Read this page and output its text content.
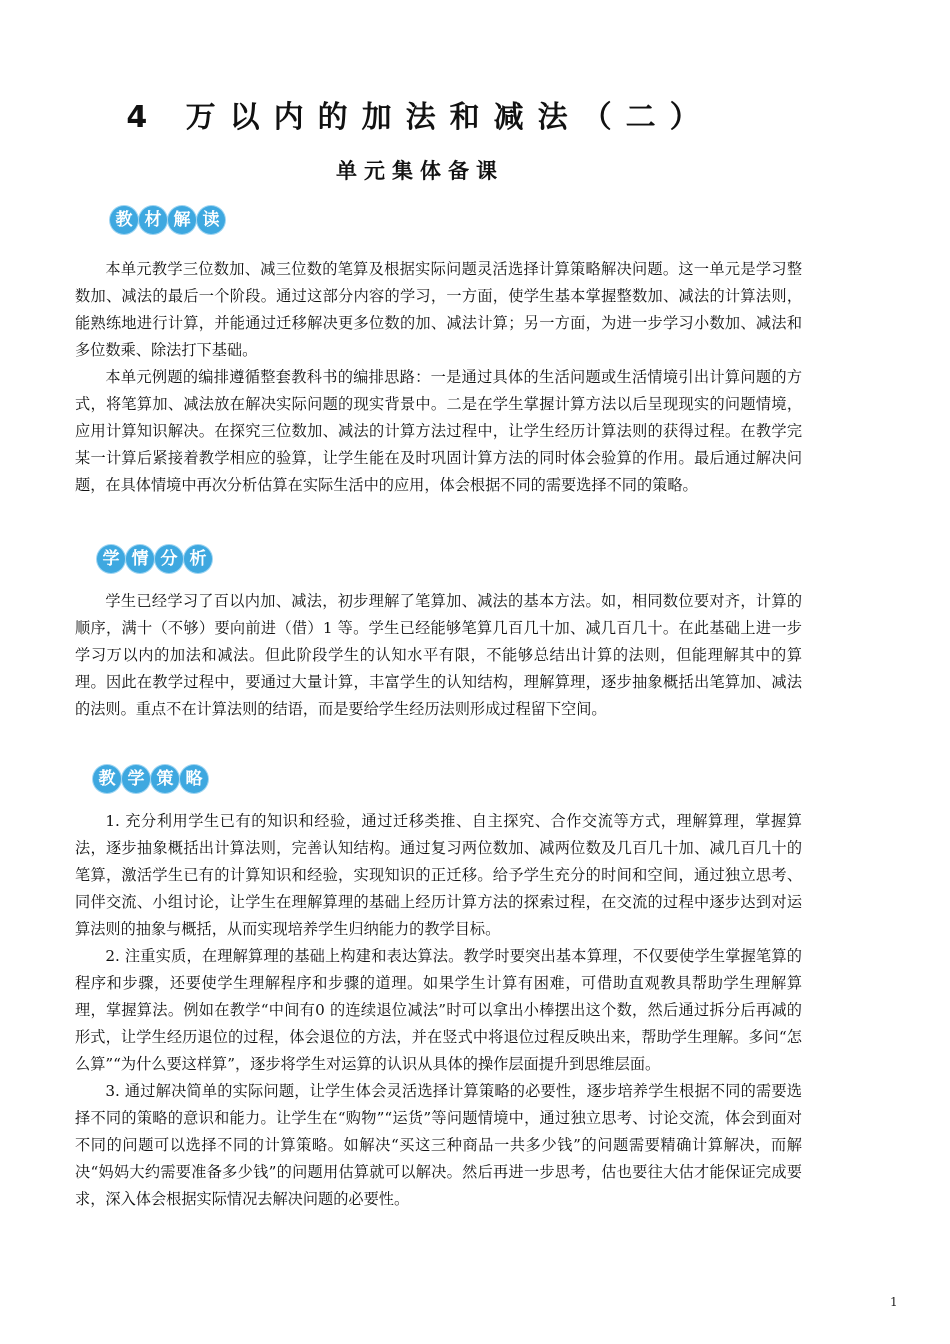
4 万以内的加法和减法（二）
单元集体备课
教 材 解 读

本单元教学三位数加、减三位数的笔算及根据实际问题灵活选择计算策略解决问题。这一单元是学习整数加、减法的最后一个阶段。通过这部分内容的学习，一方面，使学生基本掌握整数加、减法的计算法则，能熟练地进行计算，并能通过迁移解决更多位数的加、减法计算；另一方面，为进一步学习小数加、减法和多位数乘、除法打下基础。

本单元例题的编排遵循整套教科书的编排思路：一是通过具体的生活问题或生活情境引出计算问题的方式，将笔算加、减法放在解决实际问题的现实背景中。二是在学生掌握计算方法以后呈现现实的问题情境，应用计算知识解决。在探究三位数加、减法的计算方法过程中，让学生经历计算法则的获得过程。在教学完某一计算后紧接着教学相应的验算，让学生能在及时巩固计算方法的同时体会验算的作用。最后通过解决问题，在具体情境中再次分析估算在实际生活中的应用，体会根据不同的需要选择不同的策略。

学 情 分 析

学生已经学习了百以内加、减法，初步理解了笔算加、减法的基本方法。如，相同数位要对齐，计算的顺序，满十（不够）要向前进（借）1 等。学生已经能够笔算几百几十加、减几百几十。在此基础上进一步学习万以内的加法和减法。但此阶段学生的认知水平有限，不能够总结出计算的法则，但能理解其中的算理。因此在教学过程中，要通过大量计算，丰富学生的认知结构，理解算理，逐步抽象概括出笔算加、减法的法则。重点不在计算法则的结语，而是要给学生经历法则形成过程留下空间。

教 学 策 略

1. 充分利用学生已有的知识和经验，通过迁移类推、自主探究、合作交流等方式，理解算理，掌握算法，逐步抽象概括出计算法则，完善认知结构。通过复习两位数加、减两位数及几百几十加、减几百几十的笔算，激活学生已有的计算知识和经验，实现知识的正迁移。给予学生充分的时间和空间，通过独立思考、同伴交流、小组讨论，让学生在理解算理的基础上经历计算方法的探索过程，在交流的过程中逐步达到对运算法则的抽象与概括，从而实现培养学生归纳能力的教学目标。

2. 注重实质，在理解算理的基础上构建和表达算法。教学时要突出基本算理，不仅要使学生掌握笔算的程序和步骤，还要使学生理解程序和步骤的道理。如果学生计算有困难，可借助直观教具帮助学生理解算理，掌握算法。例如在教学“中间有0 的连续退位减法”时可以拿出小棒摆出这个数，然后通过拆分后再减的形式，让学生经历退位的过程，体会退位的方法，并在竖式中将退位过程反映出来，帮助学生理解。多问“怎么算”“为什么要这样算”，逐步将学生对运算的认识从具体的操作层面提升到思维层面。

3. 通过解决简单的实际问题，让学生体会灵活选择计算策略的必要性，逐步培养学生根据不同的需要选择不同的策略的意识和能力。让学生在“购物”“运货”等问题情境中，通过独立思考、讨论交流，体会到面对不同的问题可以选择不同的计算策略。如解决“买这三种商品一共多少钱”的问题需要精确计算解决，而解决“妈妈大约需要准备多少钱”的问题用估算就可以解决。然后再进一步思考，估也要往大估才能保证完成要求，深入体会根据实际情况去解决问题的必要性。

1
